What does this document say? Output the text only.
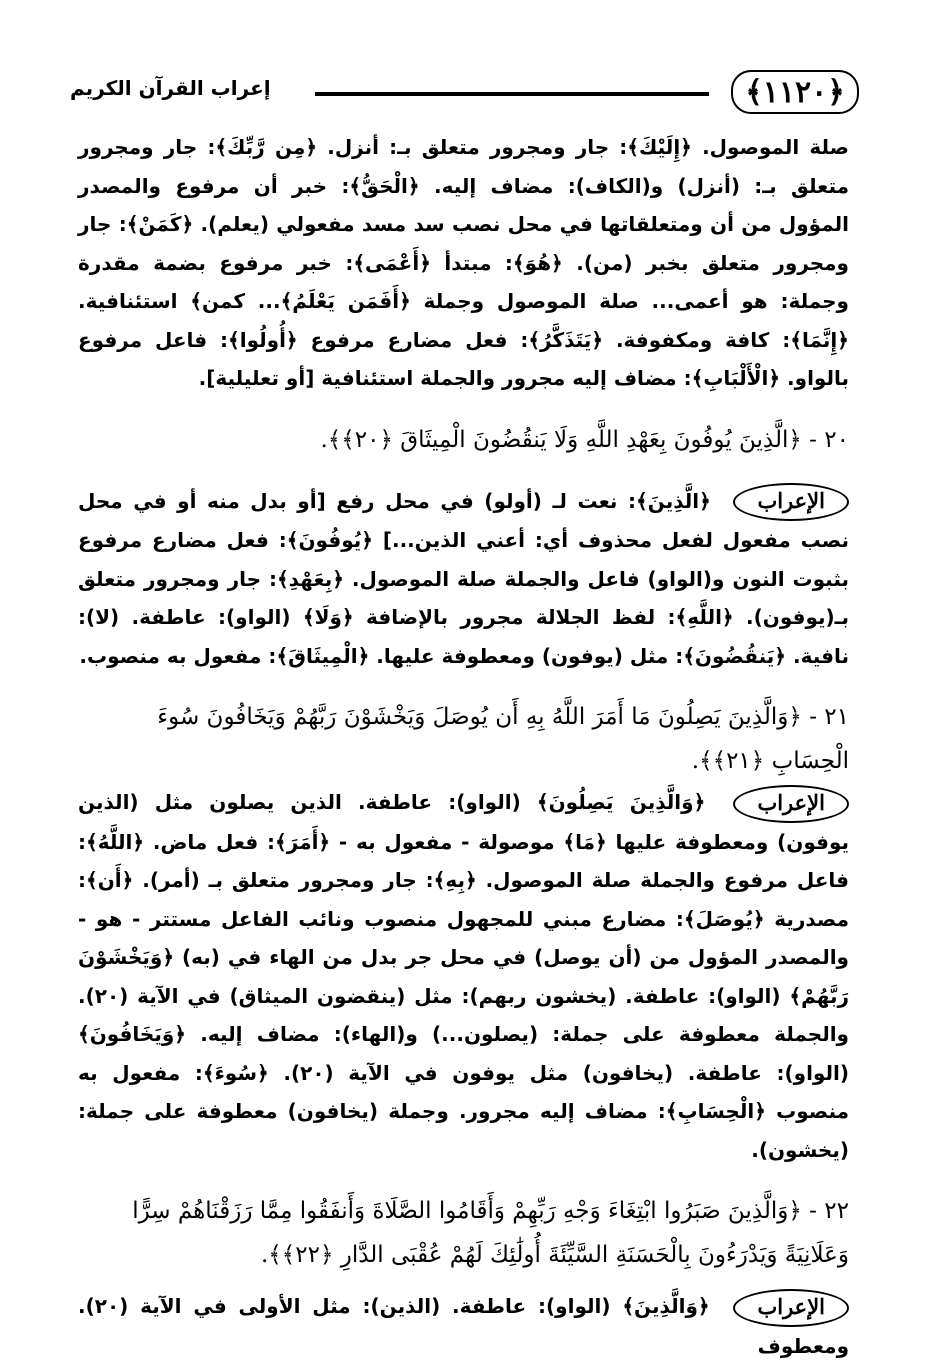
﴿١١٢٠﴾
إعراب القرآن الكريم

صلة الموصول. ﴿إِلَيْكَ﴾: جار ومجرور متعلق بـ: أنزل. ﴿مِن رَّبِّكَ﴾: جار ومجرور متعلق بـ: (أنزل) و(الكاف): مضاف إليه. ﴿الْحَقُّ﴾: خبر أن مرفوع والمصدر المؤول من أن ومتعلقاتها في محل نصب سد مسد مفعولي (يعلم). ﴿كَمَنْ﴾: جار ومجرور متعلق بخبر (من). ﴿هُوَ﴾: مبتدأ ﴿أَعْمَى﴾: خبر مرفوع بضمة مقدرة وجملة: هو أعمى... صلة الموصول وجملة ﴿أَفَمَن يَعْلَمُ﴾... كمن﴾ استئنافية. ﴿إِنَّمَا﴾: كافة ومكفوفة. ﴿يَتَذَكَّرُ﴾: فعل مضارع مرفوع ﴿أُولُوا﴾: فاعل مرفوع بالواو. ﴿الْأَلْبَابِ﴾: مضاف إليه مجرور والجملة استئنافية [أو تعليلية].

٢٠ - ﴿الَّذِينَ يُوفُونَ بِعَهْدِ اللَّهِ وَلَا يَنقُضُونَ الْمِيثَاقَ ﴿٢٠﴾﴾.

الإعراب ﴿الَّذِينَ﴾: نعت لـ (أولو) في محل رفع [أو بدل منه أو في محل نصب مفعول لفعل محذوف أي: أعني الذين...] ﴿يُوفُونَ﴾: فعل مضارع مرفوع بثبوت النون و(الواو) فاعل والجملة صلة الموصول. ﴿بِعَهْدِ﴾: جار ومجرور متعلق بـ(يوفون). ﴿اللَّهِ﴾: لفظ الجلالة مجرور بالإضافة ﴿وَلَا﴾ (الواو): عاطفة. (لا): نافية. ﴿يَنقُضُونَ﴾: مثل (يوفون) ومعطوفة عليها. ﴿الْمِيثَاقَ﴾: مفعول به منصوب.

٢١ - ﴿وَالَّذِينَ يَصِلُونَ مَا أَمَرَ اللَّهُ بِهِ أَن يُوصَلَ وَيَخْشَوْنَ رَبَّهُمْ وَيَخَافُونَ سُوءَ الْحِسَابِ ﴿٢١﴾﴾.

الإعراب ﴿وَالَّذِينَ يَصِلُونَ﴾ (الواو): عاطفة. الذين يصلون مثل (الذين يوفون) ومعطوفة عليها ﴿مَا﴾ موصولة - مفعول به - ﴿أَمَرَ﴾: فعل ماض. ﴿اللَّهُ﴾: فاعل مرفوع والجملة صلة الموصول. ﴿بِهِ﴾: جار ومجرور متعلق بـ (أمر). ﴿أَن﴾: مصدرية ﴿يُوصَلَ﴾: مضارع مبني للمجهول منصوب ونائب الفاعل مستتر - هو - والمصدر المؤول من (أن يوصل) في محل جر بدل من الهاء في (به) ﴿وَيَخْشَوْنَ رَبَّهُمْ﴾ (الواو): عاطفة. (يخشون ربهم): مثل (ينقضون الميثاق) في الآية (٢٠). والجملة معطوفة على جملة: (يصلون...) و(الهاء): مضاف إليه. ﴿وَيَخَافُونَ﴾ (الواو): عاطفة. (يخافون) مثل يوفون في الآية (٢٠). ﴿سُوءَ﴾: مفعول به منصوب ﴿الْحِسَابِ﴾: مضاف إليه مجرور. وجملة (يخافون) معطوفة على جملة: (يخشون).

٢٢ - ﴿وَالَّذِينَ صَبَرُوا ابْتِغَاءَ وَجْهِ رَبِّهِمْ وَأَقَامُوا الصَّلَاةَ وَأَنفَقُوا مِمَّا رَزَقْنَاهُمْ سِرًّا وَعَلَانِيَةً وَيَدْرَءُونَ بِالْحَسَنَةِ السَّيِّئَةَ أُولَٰئِكَ لَهُمْ عُقْبَى الدَّارِ ﴿٢٢﴾﴾.

الإعراب ﴿وَالَّذِينَ﴾ (الواو): عاطفة. (الذين): مثل الأولى في الآية (٢٠). ومعطوف
